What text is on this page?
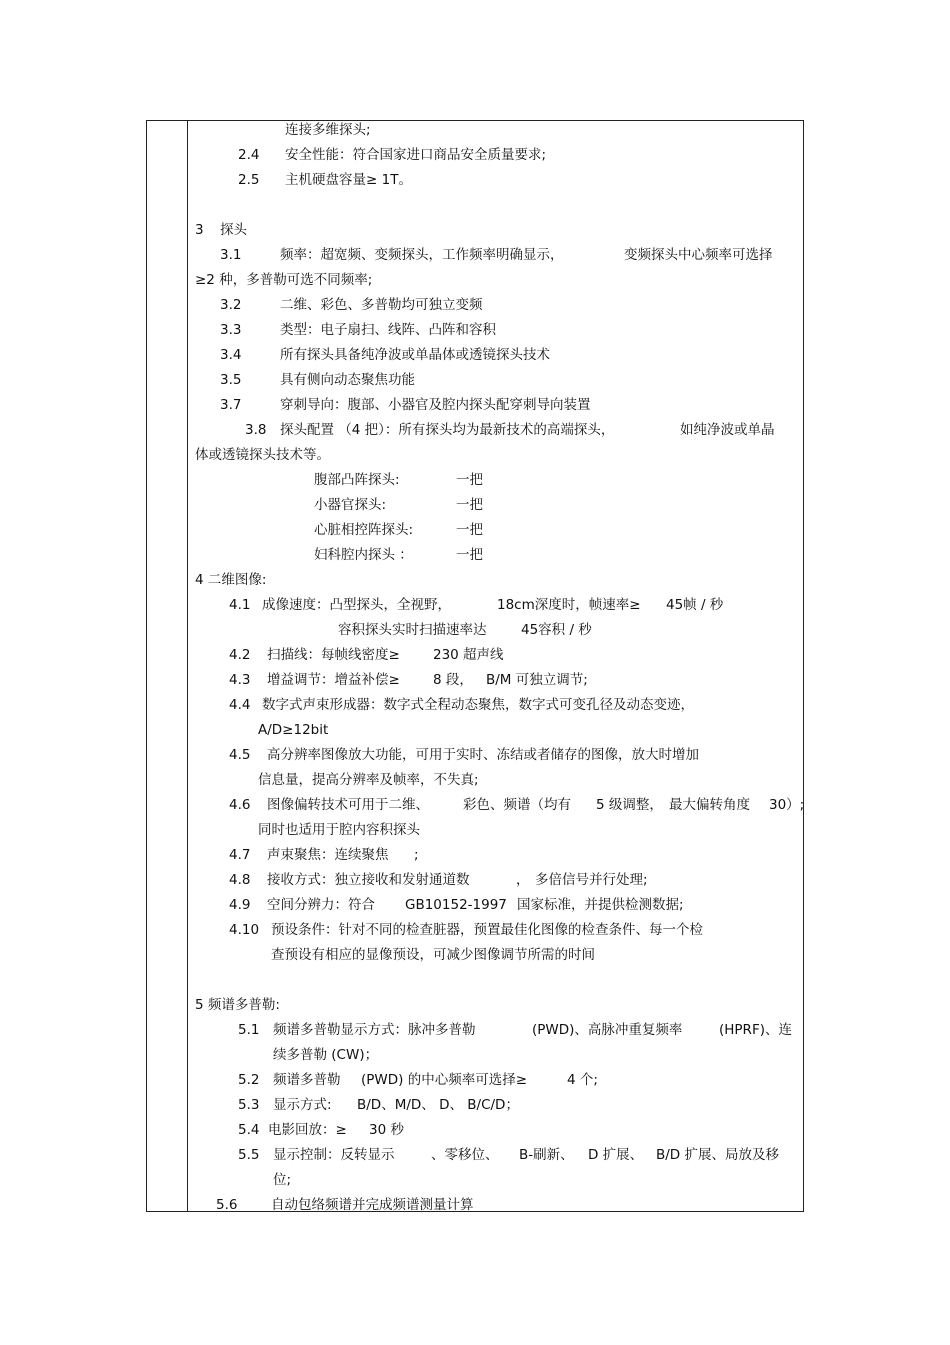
连接多维探头;
2.4 安全性能：符合国家进口商品安全质量要求;
2.5 主机硬盘容量≥ 1T。
3 探头
3.1	频率：超宽频、变频探头，工作频率明确显示，	变频探头中心频率可选择
≥2 种，多普勒可选不同频率;
3.2	二维、彩色、多普勒均可独立变频
3.3	类型：电子扇扫、线阵、凸阵和容积
3.4	所有探头具备纯净波或单晶体或透镜探头技术
3.5	具有侧向动态聚焦功能
3.7	穿刺导向：腹部、小器官及腔内探头配穿刺导向装置
3.8 探头配置 （4 把）：所有探头均为最新技术的高端探头，	如纯净波或单晶
体或透镜探头技术等。
腹部凸阵探头:	一把
小器官探头:	一把
心脏相控阵探头:	一把
妇科腔内探头 ：	一把
4 二维图像:
4.1 成像速度：凸型探头，全视野，	18cm深度时，帧速率≥ 45帧 / 秒
容积探头实时扫描速率达	45容积 / 秒
4.2 扫描线：每帧线密度≥ 230 超声线
4.3 增益调节：增益补偿≥ 8 段， B/M 可独立调节;
4.4 数字式声束形成器：数字式全程动态聚焦，数字式可变孔径及动态变迹，
A/D≥12bit
4.5 高分辨率图像放大功能，可用于实时、冻结或者储存的图像，放大时增加
信息量，提高分辨率及帧率，不失真;
4.6 图像偏转技术可用于二维、	彩色、频谱（均有 5 级调整， 最大偏转角度 30）;
同时也适用于腔内容积探头
4.7 声束聚焦：连续聚焦 ;
4.8 接收方式：独立接收和发射通道数	， 多倍信号并行处理;
4.9 空间分辨力：符合 GB10152-1997 国家标准，并提供检测数据;
4.10 预设条件：针对不同的检查脏器，预置最佳化图像的检查条件、每一个检
查预设有相应的显像预设，可减少图像调节所需的时间
5 频谱多普勒:
5.1 频谱多普勒显示方式：脉冲多普勒	(PWD)、高脉冲重复频率	(HPRF)、连
续多普勒 (CW)；
5.2 频谱多普勒 (PWD) 的中心频率可选择≥	4 个;
5.3 显示方式: B/D、M/D、 D、 B/C/D；
5.4 电影回放：≥ 30 秒
5.5 显示控制：反转显示	、零移位、 B-刷新、 D 扩展、 B/D 扩展、局放及移
位;
5.6 自动包络频谱并完成频谱测量计算
